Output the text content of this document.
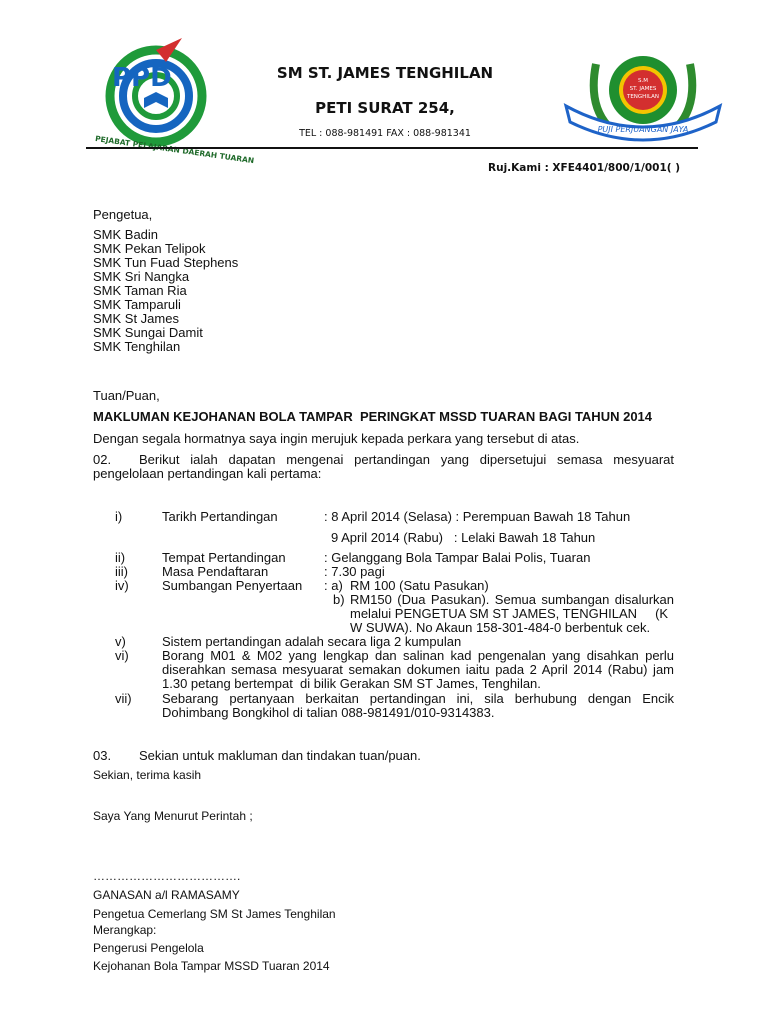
PPD
PEJABAT PELAJARAN DAERAH TUARAN
SM ST. JAMES TENGHILAN
PETI SURAT 254,
TEL : 088-981491 FAX : 088-981341
S.M
ST. JAMES
TENGHILAN
PUJI PERJUANGAN JAYA
Ruj.Kami : XFE4401/800/1/001( )
Pengetua,
SMK Badin
SMK Pekan Telipok
SMK Tun Fuad Stephens
SMK Sri Nangka
SMK Taman Ria
SMK Tamparuli
SMK St James
SMK Sungai Damit
SMK Tenghilan
Tuan/Puan,
MAKLUMAN KEJOHANAN BOLA TAMPAR  PERINGKAT MSSD TUARAN BAGI TAHUN 2014
Dengan segala hormatnya saya ingin merujuk kepada perkara yang tersebut di atas.
02. Berikut ialah dapatan mengenai pertandingan yang dipersetujui semasa mesyuarat
pengelolaan pertandingan kali pertama:
i)	Tarikh Pertandingan	: 8 April 2014 (Selasa) : Perempuan Bawah 18 Tahun
9 April 2014 (Rabu)   : Lelaki Bawah 18 Tahun
ii)	Tempat Pertandingan	: Gelanggang Bola Tampar Balai Polis, Tuaran
iii)	Masa Pendaftaran	: 7.30 pagi
iv)	Sumbangan Penyertaan : a)  RM 100 (Satu Pasukan)
b) RM150 (Dua Pasukan). Semua sumbangan disalurkan
melalui PENGETUA SM ST JAMES, TENGHILAN     (K
W SUWA). No Akaun 158-301-484-0 berbentuk cek.
v)	Sistem pertandingan adalah secara liga 2 kumpulan
vi)	Borang M01 & M02 yang lengkap dan salinan kad pengenalan yang disahkan perlu
diserahkan semasa mesyuarat semakan dokumen iaitu pada 2 April 2014 (Rabu) jam
1.30 petang bertempat  di bilik Gerakan SM ST James, Tenghilan.
vii) Sebarang pertanyaan berkaitan pertandingan ini, sila berhubung dengan Encik
Dohimbang Bongkihol di talian 088-981491/010-9314383.
03. Sekian untuk makluman dan tindakan tuan/puan.
Sekian, terima kasih
Saya Yang Menurut Perintah ;
……………………………….
GANASAN a/l RAMASAMY
Pengetua Cemerlang SM St James Tenghilan
Merangkap:
Pengerusi Pengelola
Kejohanan Bola Tampar MSSD Tuaran 2014
